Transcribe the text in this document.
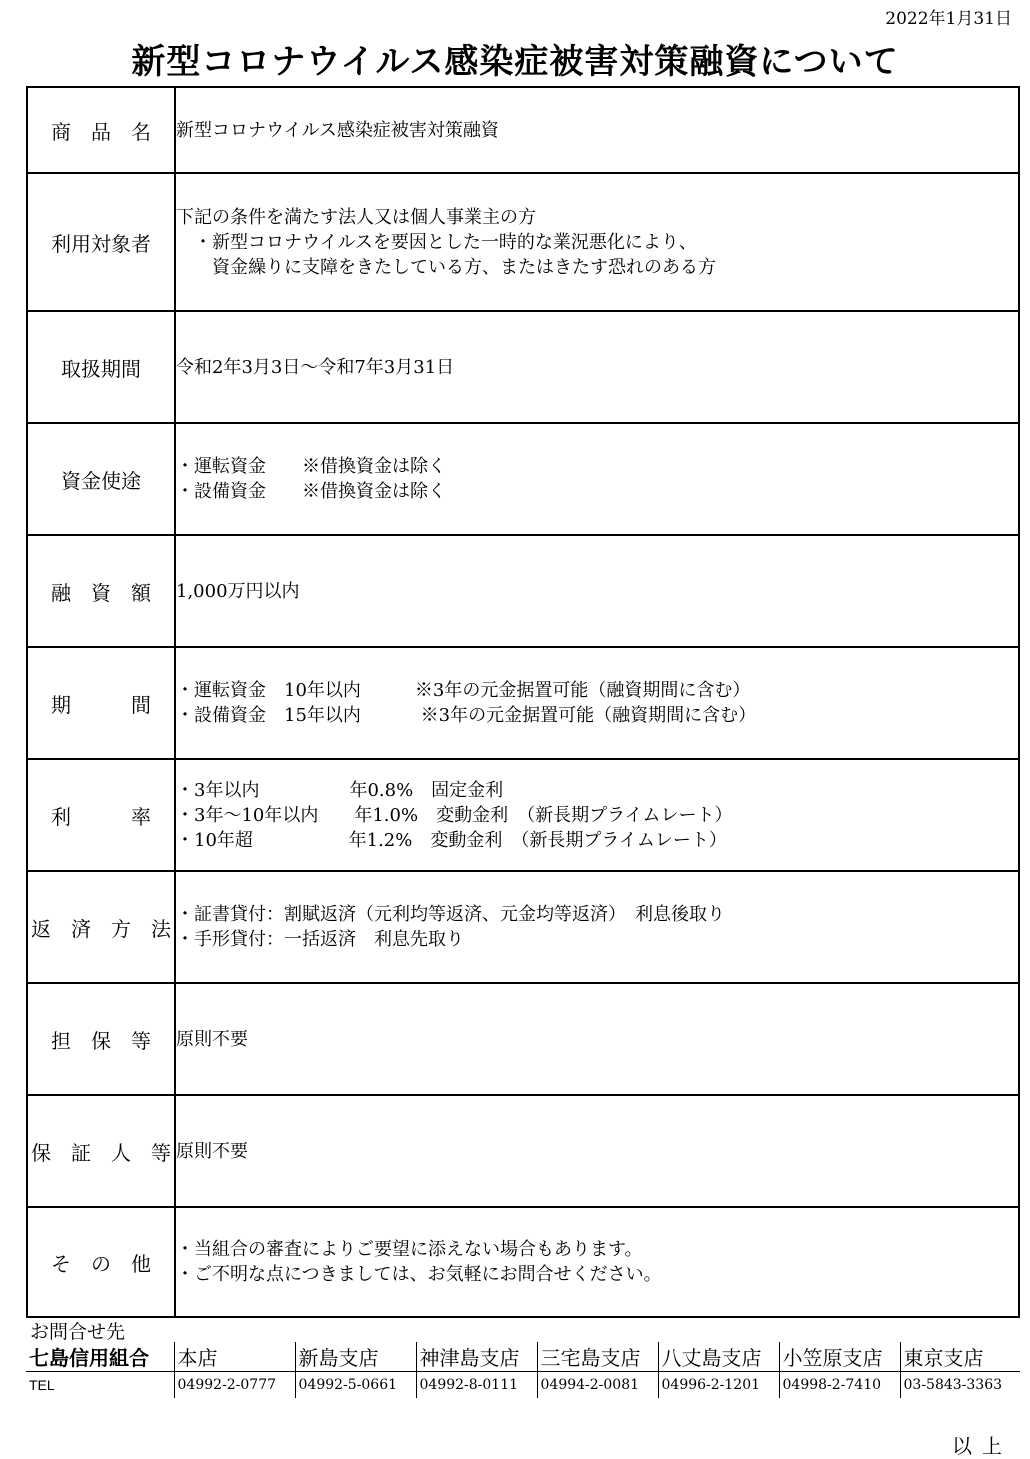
2022年1月31日
新型コロナウイルス感染症被害対策融資について
商　品　名	新型コロナウイルス感染症被害対策融資

利用対象者	下記の条件を満たす法人又は個人事業主の方
　・新型コロナウイルスを要因とした一時的な業況悪化により、
　　資金繰りに支障をきたしている方、またはきたす恐れのある方

取扱期間	令和2年3月3日～令和7年3月31日

資金使途	・運転資金　　※借換資金は除く
・設備資金　　※借換資金は除く

融　資　額	1,000万円以内

期　　　間	・運転資金　10年以内　　　※3年の元金据置可能（融資期間に含む）
・設備資金　15年以内　　　 ※3年の元金据置可能（融資期間に含む）

利　　　率	・3年以内　　　　　年0.8%　固定金利
・3年～10年以内　　年1.0%　変動金利　（新長期プライムレート）
・10年超　　　　　 年1.2%　変動金利　（新長期プライムレート）

返　済　方　法	・証書貸付：割賦返済（元利均等返済、元金均等返済）　利息後取り
・手形貸付：一括返済　利息先取り

担　保　等	原則不要

保　証　人　等	原則不要

そ　の　他	・当組合の審査によりご要望に添えない場合もあります。
・ご不明な点につきましては、お気軽にお問合せください。
お問合せ先
七島信用組合	本店	新島支店	神津島支店	三宅島支店	八丈島支店	小笠原支店	東京支店
TEL	04992-2-0777	04992-5-0661	04992-8-0111	04994-2-0081	04996-2-1201	04998-2-7410	03-5843-3363
以上
